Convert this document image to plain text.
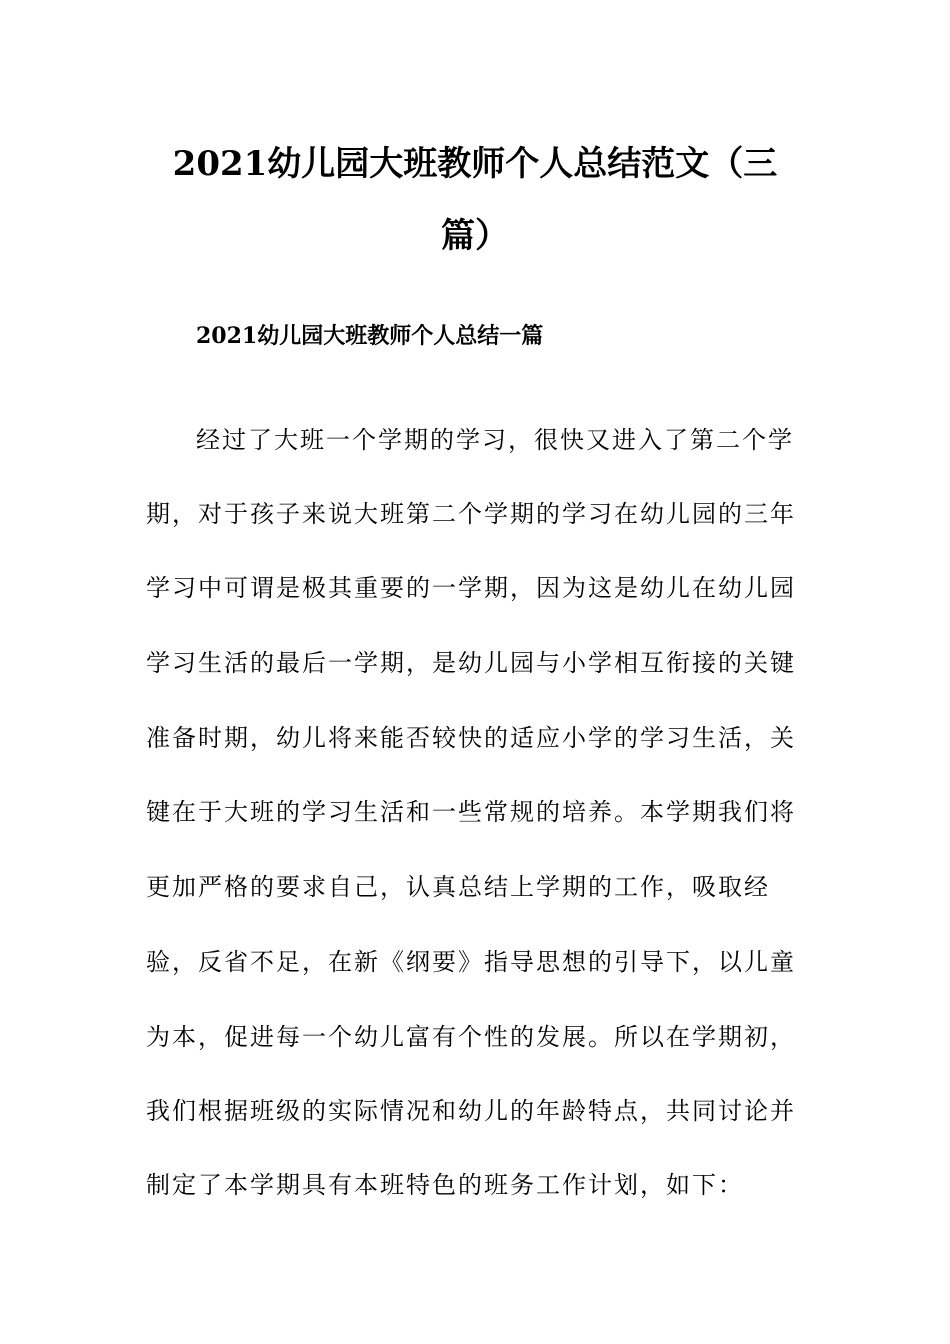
2021幼儿园大班教师个人总结范文（三
篇）
2021幼儿园大班教师个人总结一篇

经过了大班一个学期的学习，很快又进入了第二个学

期，对于孩子来说大班第二个学期的学习在幼儿园的三年

学习中可谓是极其重要的一学期，因为这是幼儿在幼儿园

学习生活的最后一学期，是幼儿园与小学相互衔接的关键

准备时期，幼儿将来能否较快的适应小学的学习生活，关

键在于大班的学习生活和一些常规的培养。本学期我们将

更加严格的要求自己，认真总结上学期的工作，吸取经

验，反省不足，在新《纲要》指导思想的引导下，以儿童

为本，促进每一个幼儿富有个性的发展。所以在学期初，

我们根据班级的实际情况和幼儿的年龄特点，共同讨论并

制定了本学期具有本班特色的班务工作计划，如下：
